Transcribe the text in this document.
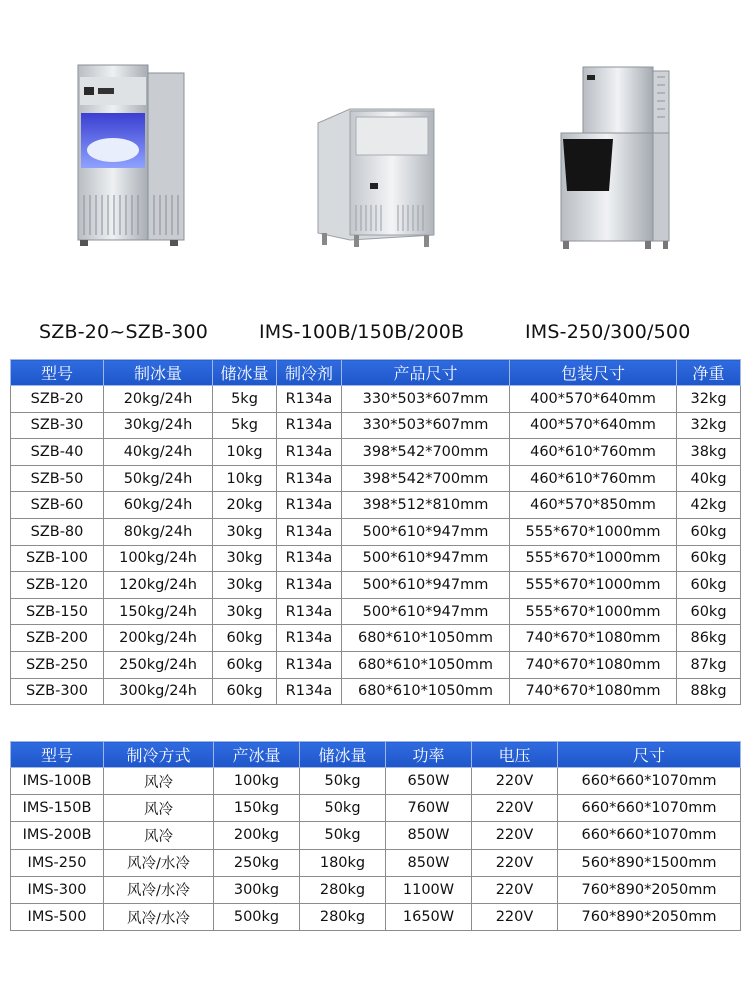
SZB-20~SZB-300	IMS-100B/150B/200B	IMS-250/300/500
型号	制冰量	储冰量	制冷剂	产品尺寸	包装尺寸	净重
SZB-20	20kg/24h	5kg	R134a	330*503*607mm	400*570*640mm	32kg
SZB-30	30kg/24h	5kg	R134a	330*503*607mm	400*570*640mm	32kg
SZB-40	40kg/24h	10kg	R134a	398*542*700mm	460*610*760mm	38kg
SZB-50	50kg/24h	10kg	R134a	398*542*700mm	460*610*760mm	40kg
SZB-60	60kg/24h	20kg	R134a	398*512*810mm	460*570*850mm	42kg
SZB-80	80kg/24h	30kg	R134a	500*610*947mm	555*670*1000mm	60kg
SZB-100	100kg/24h	30kg	R134a	500*610*947mm	555*670*1000mm	60kg
SZB-120	120kg/24h	30kg	R134a	500*610*947mm	555*670*1000mm	60kg
SZB-150	150kg/24h	30kg	R134a	500*610*947mm	555*670*1000mm	60kg
SZB-200	200kg/24h	60kg	R134a	680*610*1050mm	740*670*1080mm	86kg
SZB-250	250kg/24h	60kg	R134a	680*610*1050mm	740*670*1080mm	87kg
SZB-300	300kg/24h	60kg	R134a	680*610*1050mm	740*670*1080mm	88kg
型号	制冷方式	产冰量	储冰量	功率	电压	尺寸
IMS-100B	风冷	100kg	50kg	650W	220V	660*660*1070mm
IMS-150B	风冷	150kg	50kg	760W	220V	660*660*1070mm
IMS-200B	风冷	200kg	50kg	850W	220V	660*660*1070mm
IMS-250	风冷/水冷	250kg	180kg	850W	220V	560*890*1500mm
IMS-300	风冷/水冷	300kg	280kg	1100W	220V	760*890*2050mm
IMS-500	风冷/水冷	500kg	280kg	1650W	220V	760*890*2050mm
